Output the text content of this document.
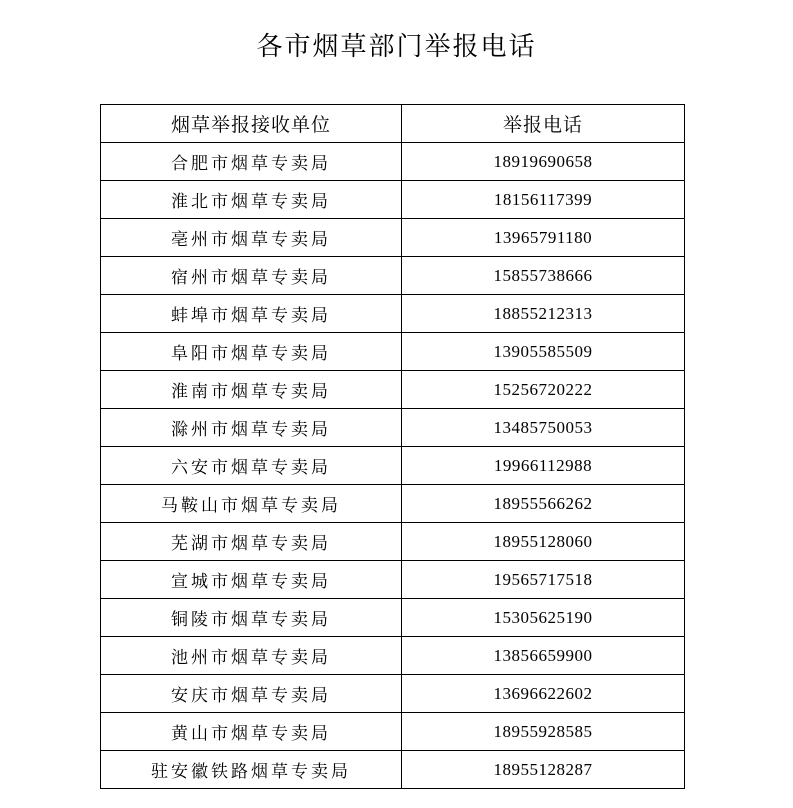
各市烟草部门举报电话
烟草举报接收单位	举报电话
合肥市烟草专卖局	18919690658
淮北市烟草专卖局	18156117399
亳州市烟草专卖局	13965791180
宿州市烟草专卖局	15855738666
蚌埠市烟草专卖局	18855212313
阜阳市烟草专卖局	13905585509
淮南市烟草专卖局	15256720222
滁州市烟草专卖局	13485750053
六安市烟草专卖局	19966112988
马鞍山市烟草专卖局	18955566262
芜湖市烟草专卖局	18955128060
宣城市烟草专卖局	19565717518
铜陵市烟草专卖局	15305625190
池州市烟草专卖局	13856659900
安庆市烟草专卖局	13696622602
黄山市烟草专卖局	18955928585
驻安徽铁路烟草专卖局	18955128287
